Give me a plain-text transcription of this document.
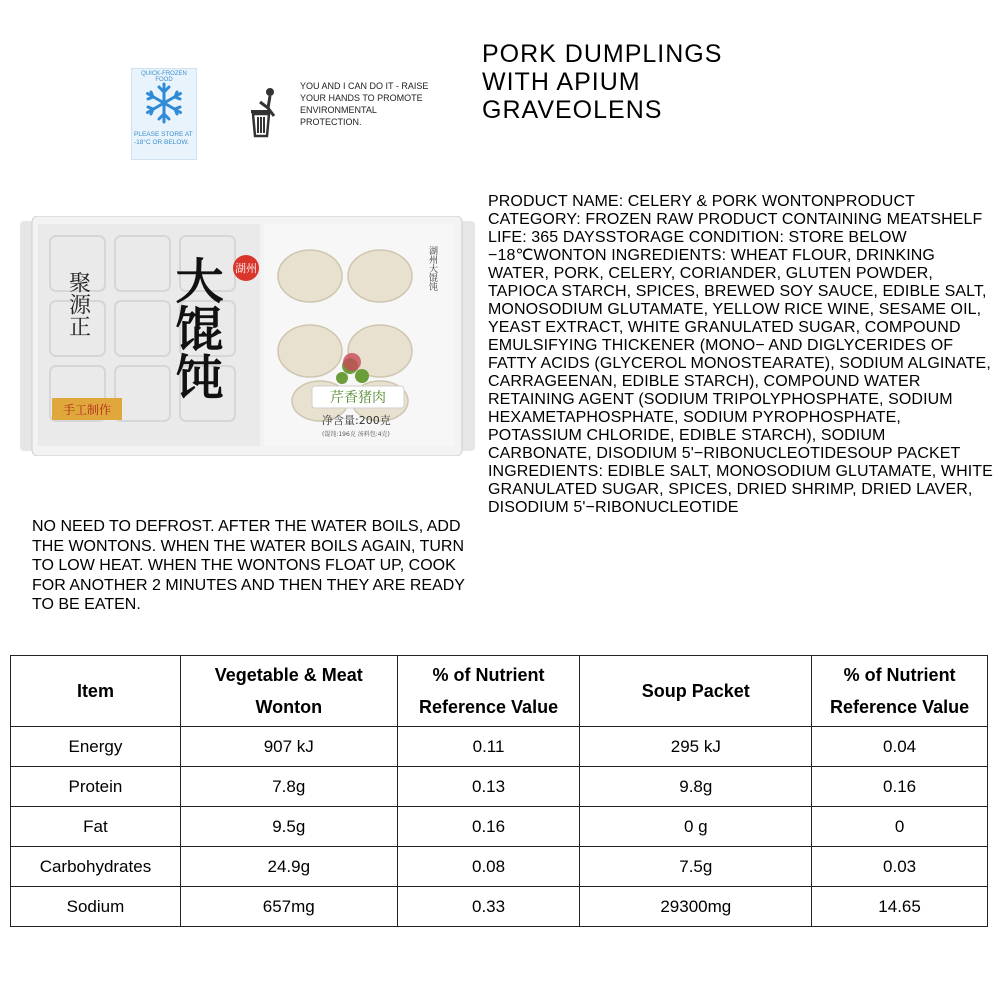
QUICK-FROZEN FOOD
PLEASE STORE AT -18°C OR BELOW.
YOU AND I CAN DO IT - RAISE YOUR HANDS TO PROMOTE ENVIRONMENTAL PROTECTION.
PORK DUMPLINGS WITH APIUM GRAVEOLENS
聚源正 大馄饨 湖州
手工制作
湖州大馄饨
芹香猪肉
净含量:200克
(馄饨:196克 汤料包:4克)
PRODUCT NAME: CELERY & PORK WONTONPRODUCT CATEGORY: FROZEN RAW PRODUCT CONTAINING MEATSHELF LIFE: 365 DAYSSTORAGE CONDITION: STORE BELOW −18℃WONTON INGREDIENTS: WHEAT FLOUR, DRINKING WATER, PORK, CELERY, CORIANDER, GLUTEN POWDER, TAPIOCA STARCH, SPICES, BREWED SOY SAUCE, EDIBLE SALT, MONOSODIUM GLUTAMATE, YELLOW RICE WINE, SESAME OIL, YEAST EXTRACT, WHITE GRANULATED SUGAR, COMPOUND EMULSIFYING THICKENER (MONO− AND DIGLYCERIDES OF FATTY ACIDS (GLYCEROL MONOSTEARATE), SODIUM ALGINATE, CARRAGEENAN, EDIBLE STARCH), COMPOUND WATER RETAINING AGENT (SODIUM TRIPOLYPHOSPHATE, SODIUM HEXAMETAPHOSPHATE, SODIUM PYROPHOSPHATE, POTASSIUM CHLORIDE, EDIBLE STARCH), SODIUM CARBONATE, DISODIUM 5'−RIBONUCLEOTIDESOUP PACKET INGREDIENTS: EDIBLE SALT, MONOSODIUM GLUTAMATE, WHITE GRANULATED SUGAR, SPICES, DRIED SHRIMP, DRIED LAVER, DISODIUM 5'−RIBONUCLEOTIDE
NO NEED TO DEFROST. AFTER THE WATER BOILS, ADD THE WONTONS. WHEN THE WATER BOILS AGAIN, TURN TO LOW HEAT. WHEN THE WONTONS FLOAT UP, COOK FOR ANOTHER 2 MINUTES AND THEN THEY ARE READY TO BE EATEN.
Item	Vegetable & Meat Wonton	% of Nutrient Reference Value	Soup Packet	% of Nutrient Reference Value
Energy	907 kJ	0.11	295 kJ	0.04
Protein	7.8g	0.13	9.8g	0.16
Fat	9.5g	0.16	0 g	0
Carbohydrates	24.9g	0.08	7.5g	0.03
Sodium	657mg	0.33	29300mg	14.65
